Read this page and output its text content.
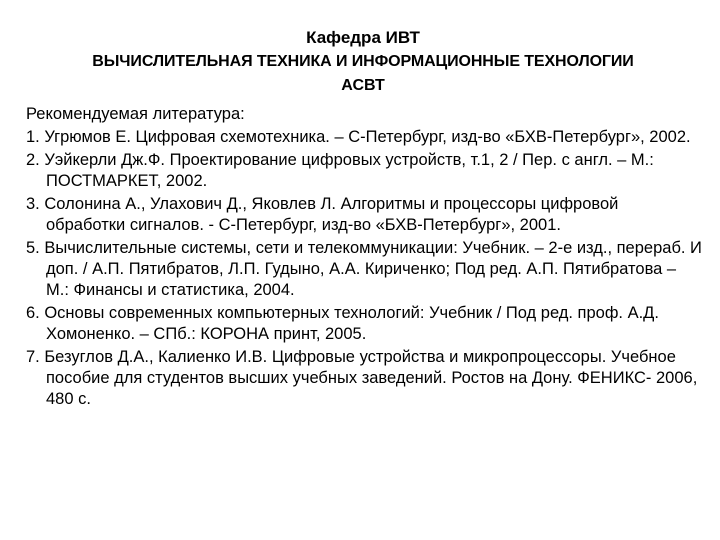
Кафедра ИВТ
ВЫЧИСЛИТЕЛЬНАЯ ТЕХНИКА И ИНФОРМАЦИОННЫЕ ТЕХНОЛОГИИ
АСВТ
Рекомендуемая литература:
1. Угрюмов Е. Цифровая схемотехника. – С-Петербург, изд-во «БХВ-Петербург», 2002.
2. Уэйкерли Дж.Ф. Проектирование цифровых устройств, т.1, 2 / Пер. с англ. – М.: ПОСТМАРКЕТ, 2002.
3. Солонина А., Улахович Д., Яковлев Л. Алгоритмы и процессоры цифровой обработки сигналов. - С-Петербург, изд-во «БХВ-Петербург», 2001.
5. Вычислительные системы, сети и телекоммуникации: Учебник. – 2-е изд., перераб. И доп. / А.П. Пятибратов, Л.П. Гудыно, А.А. Кириченко; Под ред. А.П. Пятибратова – М.: Финансы и статистика, 2004.
6. Основы современных компьютерных технологий: Учебник / Под ред. проф. А.Д. Хомоненко. – СПб.: КОРОНА принт, 2005.
7. Безуглов Д.А., Калиенко И.В. Цифровые устройства и микропроцессоры. Учебное пособие для студентов высших учебных заведений. Ростов на Дону. ФЕНИКС- 2006, 480 с.
